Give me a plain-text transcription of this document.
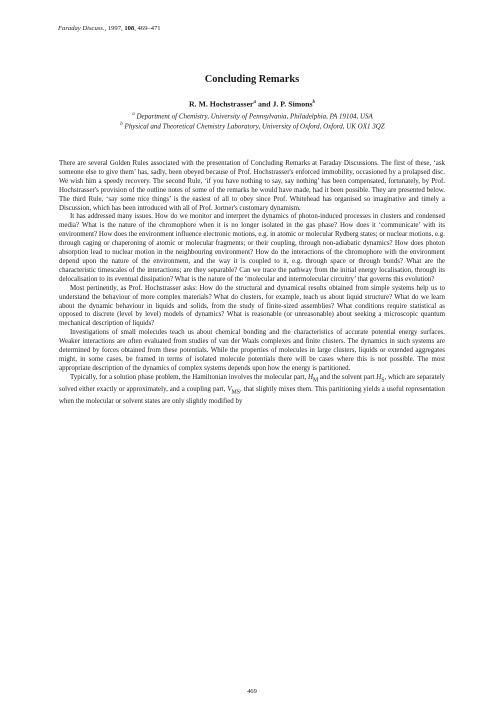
Faraday Discuss., 1997, 108, 469–471
Concluding Remarks
R. M. Hochstrasser$^a$ and J. P. Simons$^b$
$^a$ Department of Chemistry, University of Pennsylvania, Philadelphia, PA 19104, USA
$^b$ Physical and Theoretical Chemistry Laboratory, University of Oxford, Oxford, UK OX1 3QZ

There are several Golden Rules associated with the presentation of Concluding Remarks at Faraday Discussions. The first of these, ‘ask someone else to give them’ has, sadly, been obeyed because of Prof. Hochstrasser's enforced immobility, occasioned by a prolapsed disc. We wish him a speedy recovery. The second Rule, ‘if you have nothing to say, say nothing’ has been compensated, fortunately, by Prof. Hochstrasser's provision of the outline notes of some of the remarks he would have made, had it been possible. They are presented below. The third Rule, ‘say some nice things’ is the easiest of all to obey since Prof. Whitehead has organised so imaginative and timely a Discussion, which has been introduced with all of Prof. Jortner's customary dynamism.

It has addressed many issues. How do we monitor and interpret the dynamics of photon-induced processes in clusters and condensed media? What is the nature of the chromophore when it is no longer isolated in the gas phase? How does it ‘communicate’ with its environment? How does the environment influence electronic motions, e.g. in atomic or molecular Rydberg states; or nuclear motions, e.g. through caging or chaperoning of atomic or molecular fragments; or their coupling, through non-adiabatic dynamics? How does photon absorption lead to nuclear motion in the neighbouring environment? How do the interactions of the chromophore with the environment depend upon the nature of the environment, and the way it is coupled to it, e.g. through space or through bonds? What are the characteristic timescales of the interactions; are they separable? Can we trace the pathway from the initial energy localisation, through its delocalisation to its eventual dissipation? What is the nature of the ‘molecular and intermolecular circuitry’ that governs this evolution?

Most pertinently, as Prof. Hochstrasser asks: How do the structural and dynamical results obtained from simple systems help us to understand the behaviour of more complex materials? What do clusters, for example, teach us about liquid structure? What do we learn about the dynamic behaviour in liquids and solids, from the study of finite-sized assemblies? What conditions require statistical as opposed to discrete (level by level) models of dynamics? What is reasonable (or unreasonable) about seeking a microscopic quantum mechanical description of liquids?

Investigations of small molecules teach us about chemical bonding and the characteristics of accurate potential energy surfaces. Weaker interactions are often evaluated from studies of van der Waals complexes and finite clusters. The dynamics in such systems are determined by forces obtained from these potentials. While the properties of molecules in large clusters, liquids or extended aggregates might, in some cases, be framed in terms of isolated molecule potentials there will be cases where this is not possible. The most appropriate description of the dynamics of complex systems depends upon how the energy is partitioned.

Typically, for a solution phase problem, the Hamiltonian involves the molecular part, $H_M$ and the solvent part $H_S$, which are separately solved either exactly or approximately, and a coupling part, $V_{MS}$, that slightly mixes them. This partitioning yields a useful representation when the molecular or solvent states are only slightly modified by

469
